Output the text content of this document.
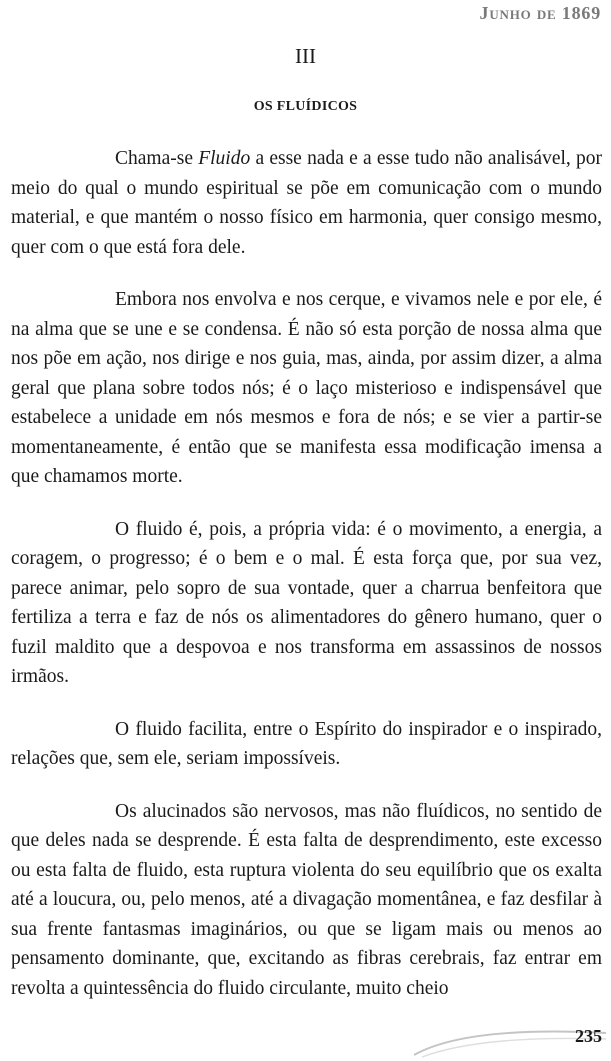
Junho de 1869
III
OS FLUÍDICOS

Chama-se Fluido a esse nada e a esse tudo não analisável, por meio do qual o mundo espiritual se põe em comunicação com o mundo material, e que mantém o nosso físico em harmonia, quer consigo mesmo, quer com o que está fora dele.

Embora nos envolva e nos cerque, e vivamos nele e por ele, é na alma que se une e se condensa. É não só esta porção de nossa alma que nos põe em ação, nos dirige e nos guia, mas, ainda, por assim dizer, a alma geral que plana sobre todos nós; é o laço misterioso e indispensável que estabelece a unidade em nós mesmos e fora de nós; e se vier a partir-se momentaneamente, é então que se manifesta essa modificação imensa a que chamamos morte.

O fluido é, pois, a própria vida: é o movimento, a energia, a coragem, o progresso; é o bem e o mal. É esta força que, por sua vez, parece animar, pelo sopro de sua vontade, quer a charrua benfeitora que fertiliza a terra e faz de nós os alimentadores do gênero humano, quer o fuzil maldito que a despovoa e nos transforma em assassinos de nossos irmãos.

O fluido facilita, entre o Espírito do inspirador e o inspirado, relações que, sem ele, seriam impossíveis.

Os alucinados são nervosos, mas não fluídicos, no sentido de que deles nada se desprende. É esta falta de desprendimento, este excesso ou esta falta de fluido, esta ruptura violenta do seu equilíbrio que os exalta até a loucura, ou, pelo menos, até a divagação momentânea, e faz desfilar à sua frente fantasmas imaginários, ou que se ligam mais ou menos ao pensamento dominante, que, excitando as fibras cerebrais, faz entrar em revolta a quintessência do fluido circulante, muito cheio

235
